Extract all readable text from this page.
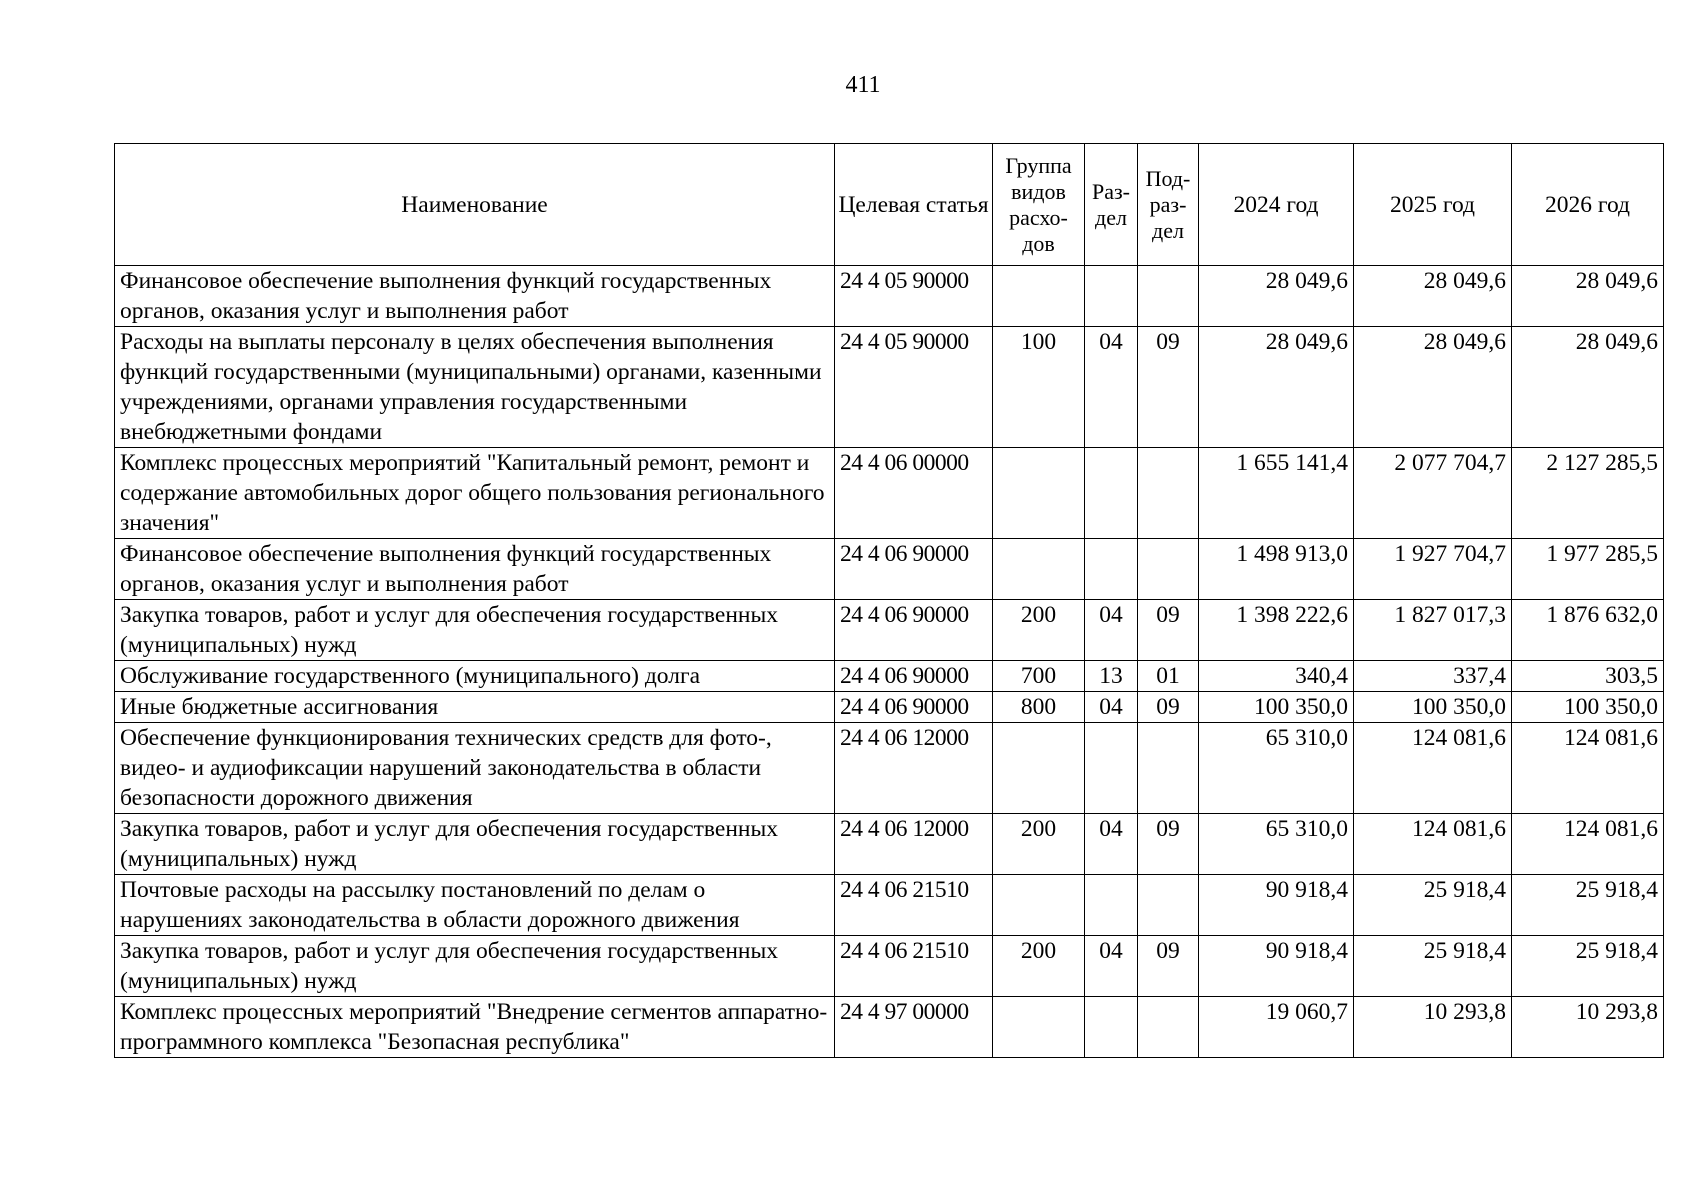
411
Наименование	Целевая статья	Группа видов расхо-дов	Раз-дел	Под-раз-дел	2024 год	2025 год	2026 год
Финансовое обеспечение выполнения функций государственных органов, оказания услуг и выполнения работ	24 4 05 90000				28 049,6	28 049,6	28 049,6
Расходы на выплаты персоналу в целях обеспечения выполнения функций государственными (муниципальными) органами, казенными учреждениями, органами управления государственными внебюджетными фондами	24 4 05 90000	100	04	09	28 049,6	28 049,6	28 049,6
Комплекс процессных мероприятий "Капитальный ремонт, ремонт и содержание автомобильных дорог общего пользования регионального значения"	24 4 06 00000				1 655 141,4	2 077 704,7	2 127 285,5
Финансовое обеспечение выполнения функций государственных органов, оказания услуг и выполнения работ	24 4 06 90000				1 498 913,0	1 927 704,7	1 977 285,5
Закупка товаров, работ и услуг для обеспечения государственных (муниципальных) нужд	24 4 06 90000	200	04	09	1 398 222,6	1 827 017,3	1 876 632,0
Обслуживание государственного (муниципального) долга	24 4 06 90000	700	13	01	340,4	337,4	303,5
Иные бюджетные ассигнования	24 4 06 90000	800	04	09	100 350,0	100 350,0	100 350,0
Обеспечение функционирования технических средств для фото-, видео- и аудиофиксации нарушений законодательства в области безопасности дорожного движения	24 4 06 12000				65 310,0	124 081,6	124 081,6
Закупка товаров, работ и услуг для обеспечения государственных (муниципальных) нужд	24 4 06 12000	200	04	09	65 310,0	124 081,6	124 081,6
Почтовые расходы на рассылку постановлений по делам о нарушениях законодательства в области дорожного движения	24 4 06 21510				90 918,4	25 918,4	25 918,4
Закупка товаров, работ и услуг для обеспечения государственных (муниципальных) нужд	24 4 06 21510	200	04	09	90 918,4	25 918,4	25 918,4
Комплекс процессных мероприятий "Внедрение сегментов аппаратно-программного комплекса "Безопасная республика"	24 4 97 00000				19 060,7	10 293,8	10 293,8
